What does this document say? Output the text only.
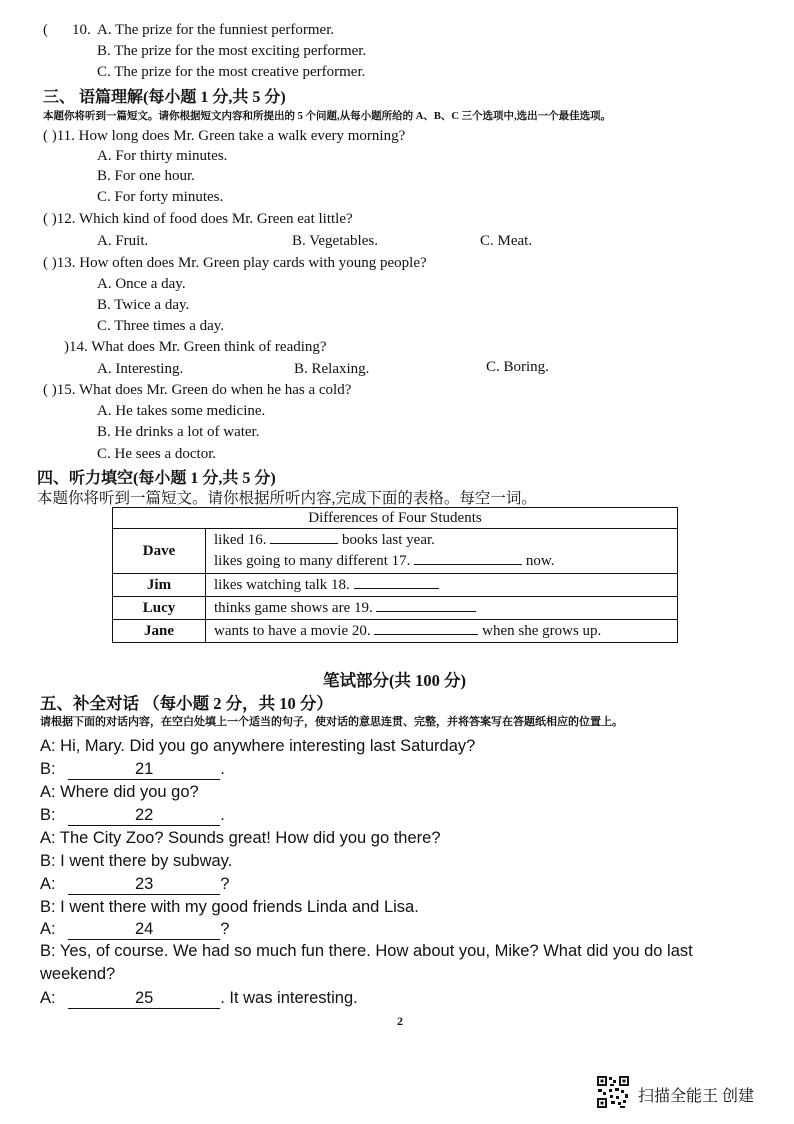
( 10. A. The prize for the funniest performer.
B. The prize for the most exciting performer.
C. The prize for the most creative performer.
三、 语篇理解(每小题 1 分,共 5 分)
本题你将听到一篇短文。请你根据短文内容和所提出的 5 个问题,从每小题所给的 A、B、C 三个选项中,选出一个最佳选项。
( )11. How long does Mr. Green take a walk every morning?
A. For thirty minutes.
B. For one hour.
C. For forty minutes.
( )12. Which kind of food does Mr. Green eat little?
A. Fruit.	B. Vegetables.	C. Meat.
( )13. How often does Mr. Green play cards with young people?
A. Once a day.
B. Twice a day.
C. Three times a day.
)14. What does Mr. Green think of reading?
A. Interesting.	B. Relaxing.	C. Boring.
( )15. What does Mr. Green do when he has a cold?
A. He takes some medicine.
B. He drinks a lot of water.
C. He sees a doctor.
四、听力填空(每小题 1 分,共 5 分)
本题你将听到一篇短文。请你根据所听内容,完成下面的表格。每空一词。
Differences of Four Students	
Dave	liked 16. books last year.
likes going to many different 17. now.

Jim	likes watching talk 18.
Lucy	thinks game shows are 19.
Jane	wants to have a movie 20. when she grows up.
笔试部分(共 100 分)
五、补全对话 （每小题 2 分，共 10 分）
请根据下面的对话内容，在空白处填上一个适当的句子，使对话的意思连贯、完整，并将答案写在答题纸相应的位置上。
A: Hi, Mary. Did you go anywhere interesting last Saturday?
B:	21	.
A: Where did you go?
B:	22	.
A: The City Zoo? Sounds great! How did you go there?
B: I went there by subway.
A:	23	?
B: I went there with my good friends Linda and Lisa.
A:	24	?
B: Yes, of course. We had so much fun there. How about you, Mike? What did you do last
weekend?
A:	25	. It was interesting.
2
扫描全能王 创建
